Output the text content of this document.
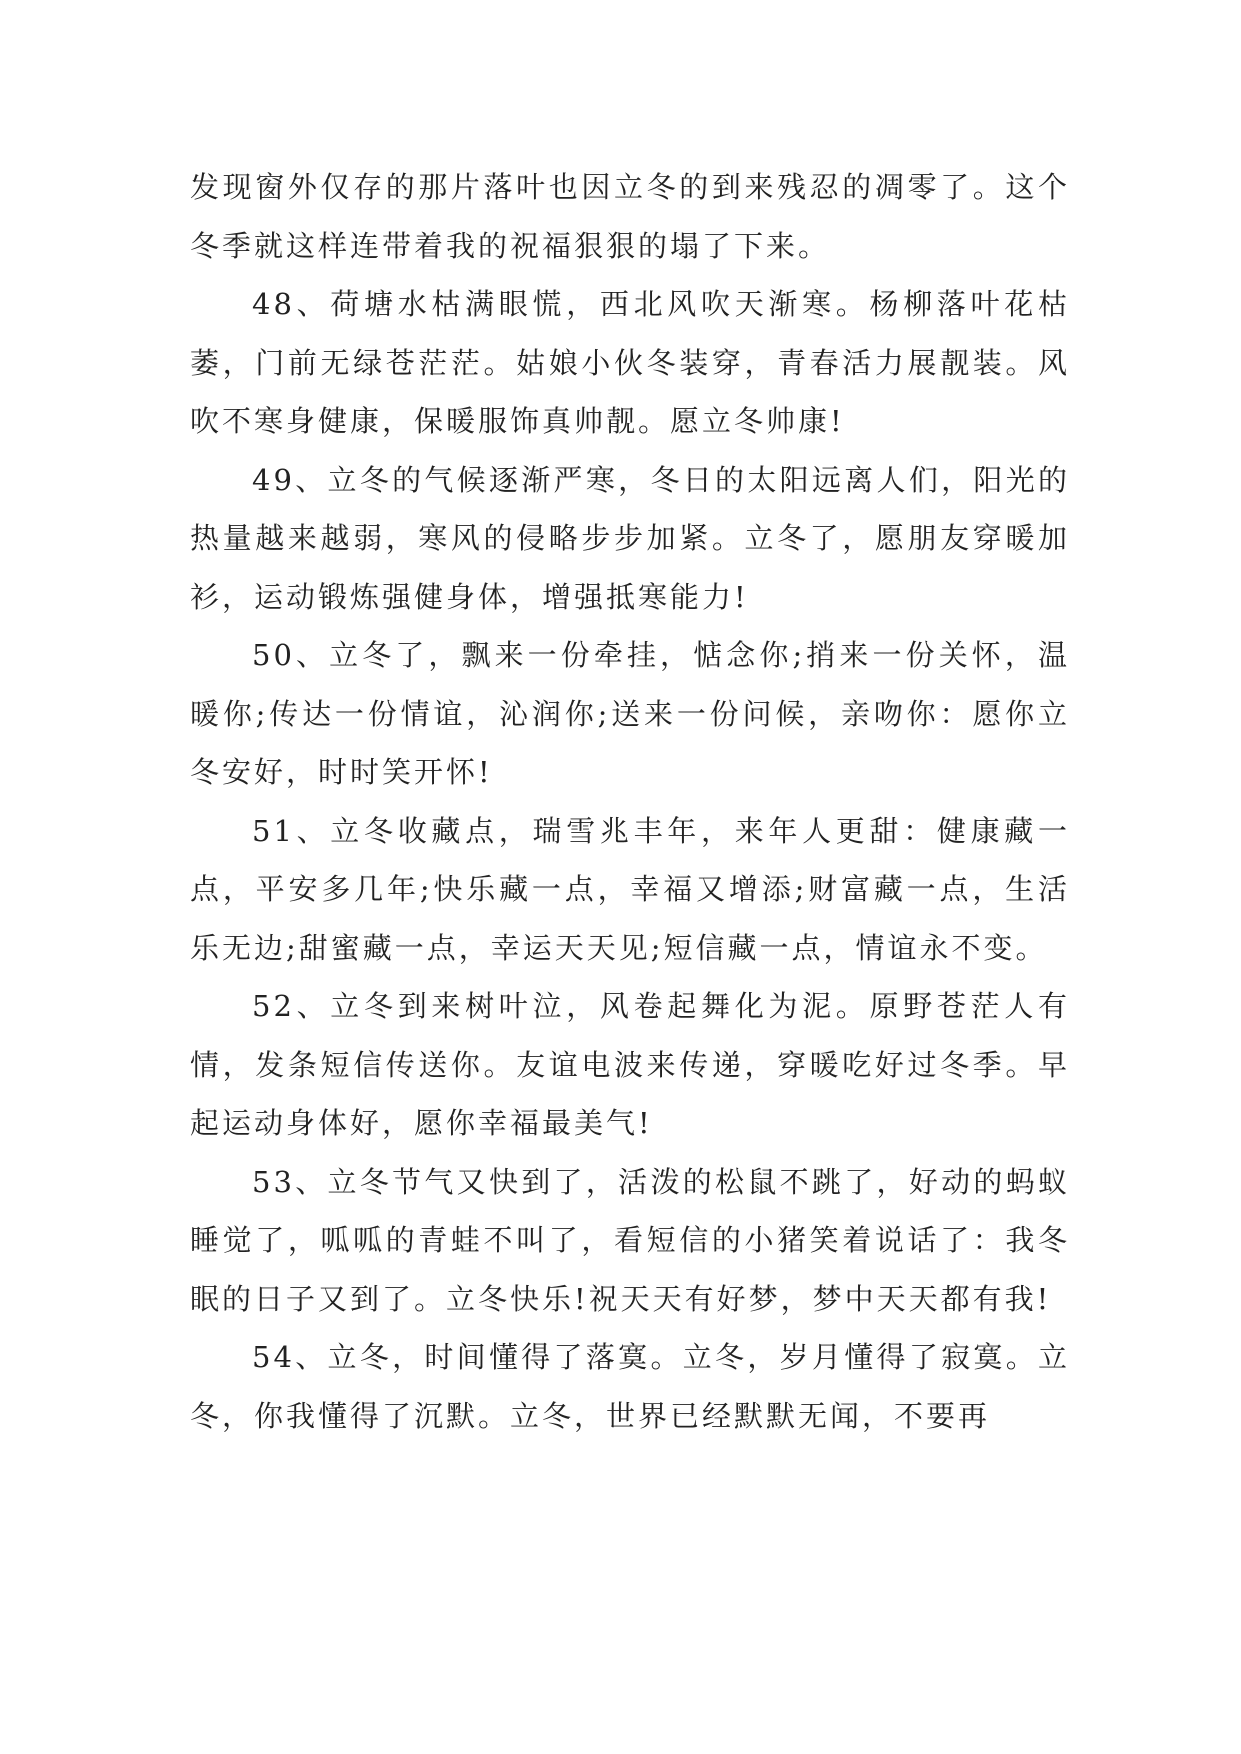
发现窗外仅存的那片落叶也因立冬的到来残忍的凋零了。这个冬季就这样连带着我的祝福狠狠的塌了下来。

48、荷塘水枯满眼慌，西北风吹天渐寒。杨柳落叶花枯萎，门前无绿苍茫茫。姑娘小伙冬装穿，青春活力展靓装。风吹不寒身健康，保暖服饰真帅靓。愿立冬帅康!

49、立冬的气候逐渐严寒，冬日的太阳远离人们，阳光的热量越来越弱，寒风的侵略步步加紧。立冬了，愿朋友穿暖加衫，运动锻炼强健身体，增强抵寒能力!

50、立冬了，飘来一份牵挂，惦念你;捎来一份关怀，温暖你;传达一份情谊，沁润你;送来一份问候，亲吻你：愿你立冬安好，时时笑开怀!

51、立冬收藏点，瑞雪兆丰年，来年人更甜：健康藏一点，平安多几年;快乐藏一点，幸福又增添;财富藏一点，生活乐无边;甜蜜藏一点，幸运天天见;短信藏一点，情谊永不变。

52、立冬到来树叶泣，风卷起舞化为泥。原野苍茫人有情，发条短信传送你。友谊电波来传递，穿暖吃好过冬季。早起运动身体好，愿你幸福最美气!

53、立冬节气又快到了，活泼的松鼠不跳了，好动的蚂蚁睡觉了，呱呱的青蛙不叫了，看短信的小猪笑着说话了：我冬眠的日子又到了。立冬快乐!祝天天有好梦，梦中天天都有我!

54、立冬，时间懂得了落寞。立冬，岁月懂得了寂寞。立冬，你我懂得了沉默。立冬，世界已经默默无闻，不要再
